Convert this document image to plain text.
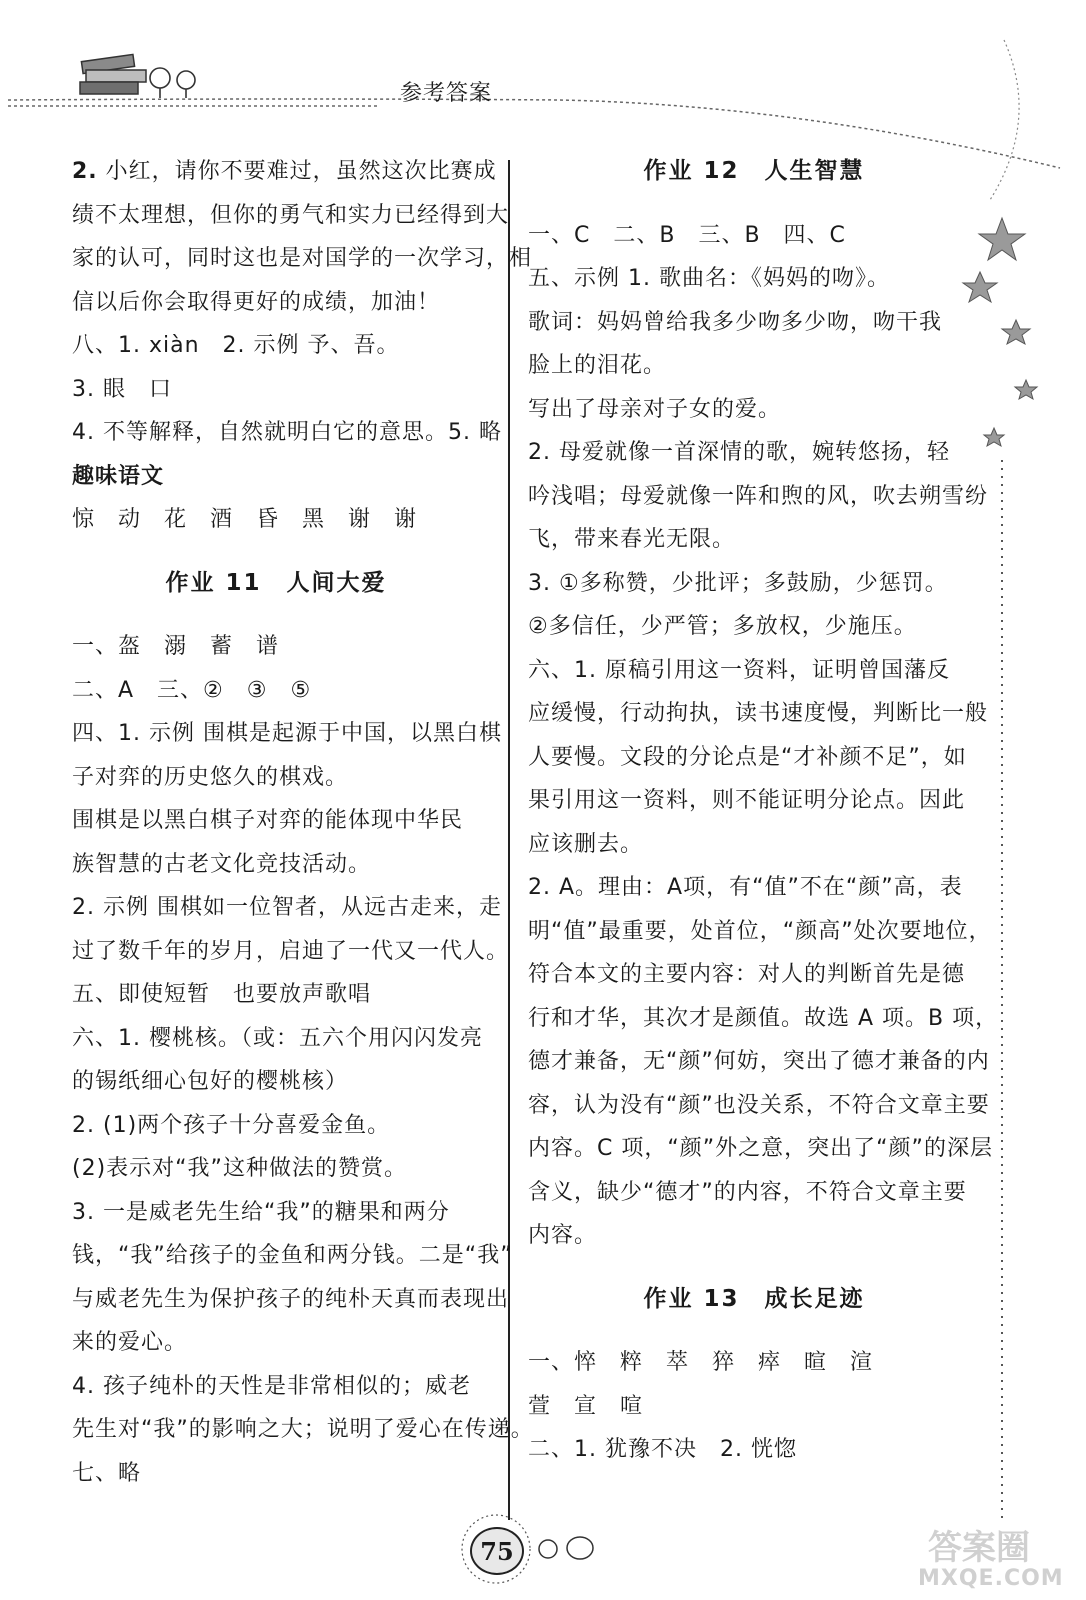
参考答案
2. 小红，请你不要难过，虽然这次比赛成
绩不太理想，但你的勇气和实力已经得到大
家的认可，同时这也是对国学的一次学习，相
信以后你会取得更好的成绩，加油！
八、1. xiàn　2. 示例 予、吾。
3. 眼　口
4. 不等解释，自然就明白它的意思。5. 略
趣味语文
惊　动　花　酒　昏　黑　谢　谢
作业 11　人间大爱
一、盔　溺　蓄　谱
二、A　三、②　③　⑤
四、1. 示例 围棋是起源于中国，以黑白棋
子对弈的历史悠久的棋戏。
围棋是以黑白棋子对弈的能体现中华民
族智慧的古老文化竞技活动。
2. 示例 围棋如一位智者，从远古走来，走
过了数千年的岁月，启迪了一代又一代人。
五、即使短暂　也要放声歌唱
六、1. 樱桃核。（或：五六个用闪闪发亮
的锡纸细心包好的樱桃核）
2. (1)两个孩子十分喜爱金鱼。
(2)表示对“我”这种做法的赞赏。
3. 一是威老先生给“我”的糖果和两分
钱，“我”给孩子的金鱼和两分钱。二是“我”
与威老先生为保护孩子的纯朴天真而表现出
来的爱心。
4. 孩子纯朴的天性是非常相似的；威老
先生对“我”的影响之大；说明了爱心在传递。
七、略
作业 12　人生智慧
一、C　二、B　三、B　四、C
五、示例 1. 歌曲名：《妈妈的吻》。
歌词：妈妈曾给我多少吻多少吻，吻干我
脸上的泪花。
写出了母亲对子女的爱。
2. 母爱就像一首深情的歌，婉转悠扬，轻
吟浅唱；母爱就像一阵和煦的风，吹去朔雪纷
飞，带来春光无限。
3. ①多称赞，少批评；多鼓励，少惩罚。
②多信任，少严管；多放权，少施压。
六、1. 原稿引用这一资料，证明曾国藩反
应缓慢，行动拘执，读书速度慢，判断比一般
人要慢。文段的分论点是“才补颜不足”，如
果引用这一资料，则不能证明分论点。因此
应该删去。
2. A。理由：A项，有“值”不在“颜”高，表
明“值”最重要，处首位，“颜高”处次要地位，
符合本文的主要内容：对人的判断首先是德
行和才华，其次才是颜值。故选 A 项。B 项，
德才兼备，无“颜”何妨，突出了德才兼备的内
容，认为没有“颜”也没关系，不符合文章主要
内容。C 项，“颜”外之意，突出了“颜”的深层
含义，缺少“德才”的内容，不符合文章主要
内容。
作业 13　成长足迹
一、悴　粹　萃　猝　瘁　暄　渲
萱　宣　喧
二、1. 犹豫不决　2. 恍惚
75	答案圈
MXQE.COM
